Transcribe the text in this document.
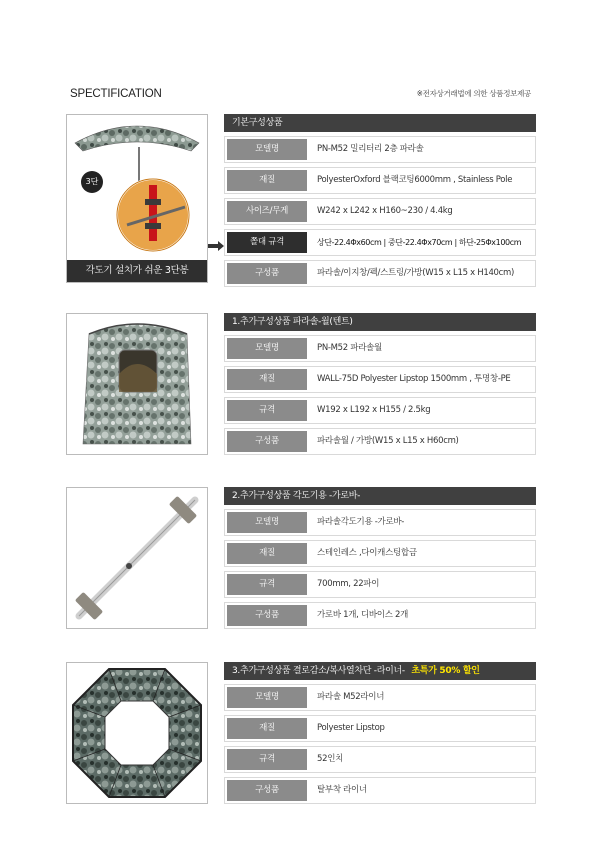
SPECTIFICATION	※전자상거래법에 의한 상품정보제공
3단
각도기 설치가 쉬운 3단봉
기본구성상품
모델명	PN-M52 밀리터리 2층 파라솔
재질	PolyesterOxford 블랙코팅6000mm , Stainless Pole
사이즈/무게	W242 x L242 x H160~230 / 4.4kg
쫄대 규격	상단-22.4Φx60cm | 중단-22.4Φx70cm | 하단-25Φx100cm
구성품	파라솔/이지창/펙/스트링/가방(W15 x L15 x H140cm)
1.추가구성상품 파라솔-월(텐트)
모델명	PN-M52 파라솔월
재질	WALL-75D Polyester Lipstop 1500mm , 투명창-PE
규격	W192 x L192 x H155 / 2.5kg
구성품	파라솔월 / 가방(W15 x L15 x H60cm)
2.추가구성상품 각도기용 -가로바-
모델명	파라솔각도기용 -가로바-
재질	스테인레스 ,다이캐스팅합금
규격	700mm, 22파이
구성품	가로바 1개, 디바이스 2개
3.추가구성상품 결로감소/복사열차단 -라이너- 초특가 50% 할인
모델명	파라솔 M52라이너
재질	Polyester Lipstop
규격	52인치
구성품	탈부착 라이너
